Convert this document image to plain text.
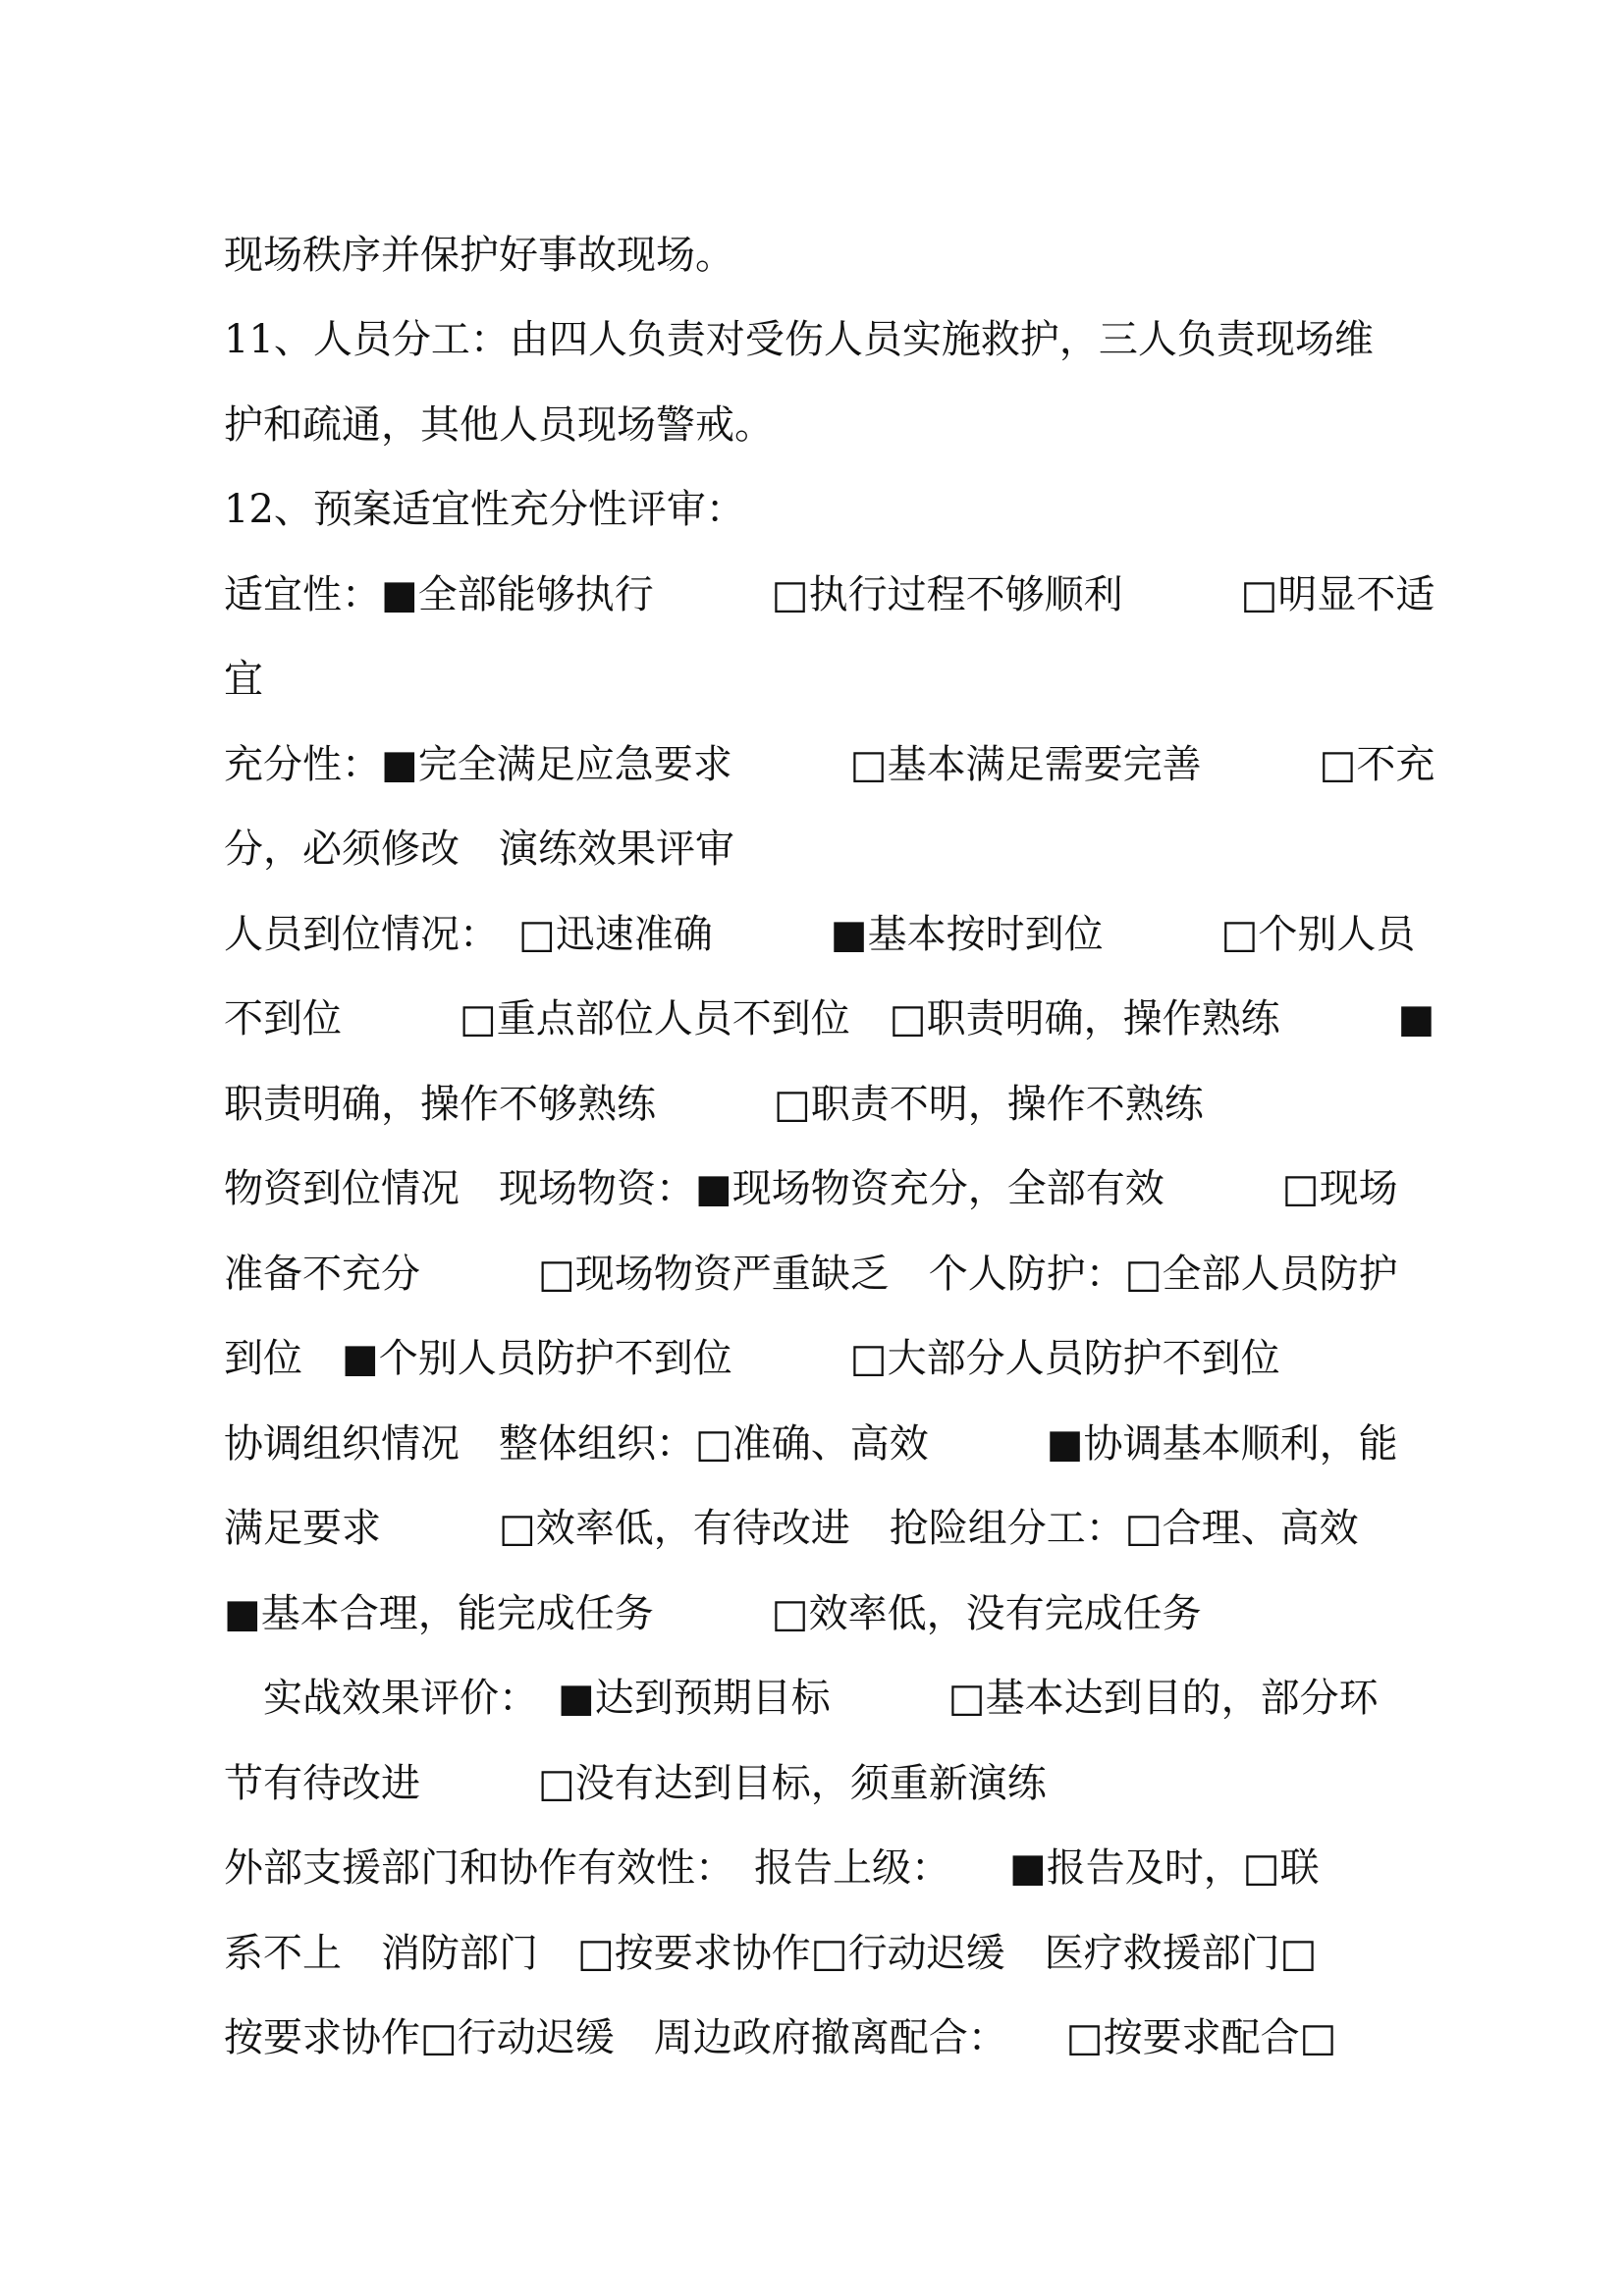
现场秩序并保护好事故现场。
11、人员分工：由四人负责对受伤人员实施救护，三人负责现场维
护和疏通，其他人员现场警戒。
12、预案适宜性充分性评审：
适宜性：■全部能够执行　　　□执行过程不够顺利　　　□明显不适
宜
充分性：■完全满足应急要求　　　□基本满足需要完善　　　□不充
分，必须修改　演练效果评审
人员到位情况：　□迅速准确　　　■基本按时到位　　　□个别人员
不到位　　　□重点部位人员不到位　□职责明确，操作熟练　　　■
职责明确，操作不够熟练　　　□职责不明，操作不熟练
物资到位情况　现场物资：■现场物资充分，全部有效　　　□现场
准备不充分　　　□现场物资严重缺乏　个人防护：□全部人员防护
到位　■个别人员防护不到位　　　□大部分人员防护不到位
协调组织情况　整体组织：□准确、高效　　　■协调基本顺利，能
满足要求　　　□效率低，有待改进　抢险组分工：□合理、高效
■基本合理，能完成任务　　　□效率低，没有完成任务
　实战效果评价：　■达到预期目标　　　□基本达到目的，部分环
节有待改进　　　□没有达到目标，须重新演练
外部支援部门和协作有效性：　报告上级：　　■报告及时，□联
系不上　消防部门　□按要求协作□行动迟缓　医疗救援部门□
按要求协作□行动迟缓　周边政府撤离配合：　　□按要求配合□
